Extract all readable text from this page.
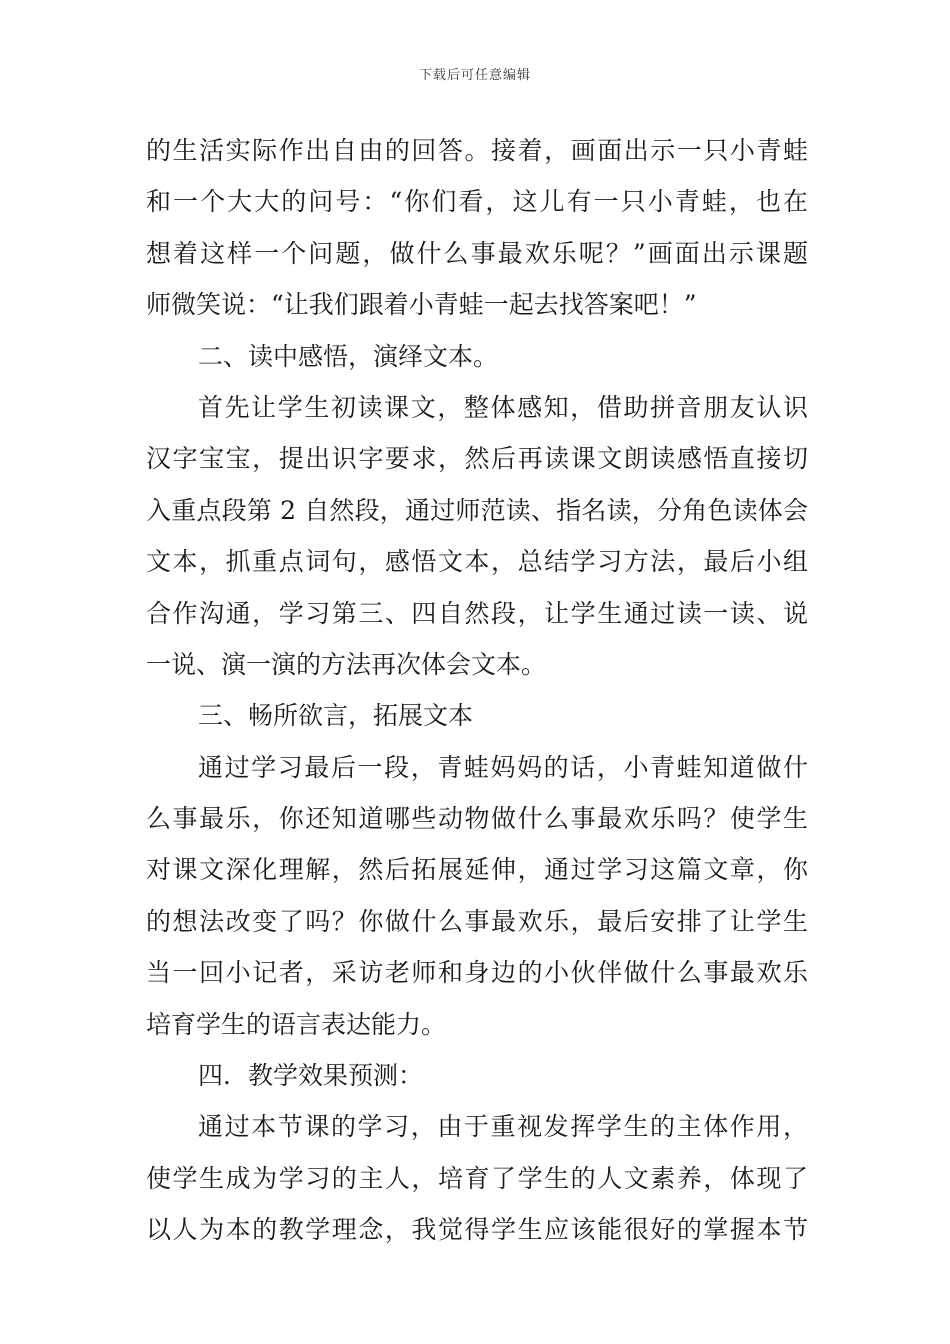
下载后可任意编辑
的生活实际作出自由的回答。接着，画面出示一只小青蛙
和一个大大的问号：“你们看，这儿有一只小青蛙，也在
想着这样一个问题，做什么事最欢乐呢？”画面出示课题
师微笑说：“让我们跟着小青蛙一起去找答案吧！”
二、读中感悟，演绎文本。
首先让学生初读课文，整体感知，借助拼音朋友认识
汉字宝宝，提出识字要求，然后再读课文朗读感悟直接切
入重点段第 2 自然段，通过师范读、指名读，分角色读体会
文本，抓重点词句，感悟文本，总结学习方法，最后小组
合作沟通，学习第三、四自然段，让学生通过读一读、说
一说、演一演的方法再次体会文本。
三、畅所欲言，拓展文本
通过学习最后一段，青蛙妈妈的话，小青蛙知道做什
么事最乐，你还知道哪些动物做什么事最欢乐吗？使学生
对课文深化理解，然后拓展延伸，通过学习这篇文章，你
的想法改变了吗？你做什么事最欢乐，最后安排了让学生
当一回小记者，采访老师和身边的小伙伴做什么事最欢乐
培育学生的语言表达能力。
四．教学效果预测：
通过本节课的学习，由于重视发挥学生的主体作用，
使学生成为学习的主人，培育了学生的人文素养，体现了
以人为本的教学理念，我觉得学生应该能很好的掌握本节
